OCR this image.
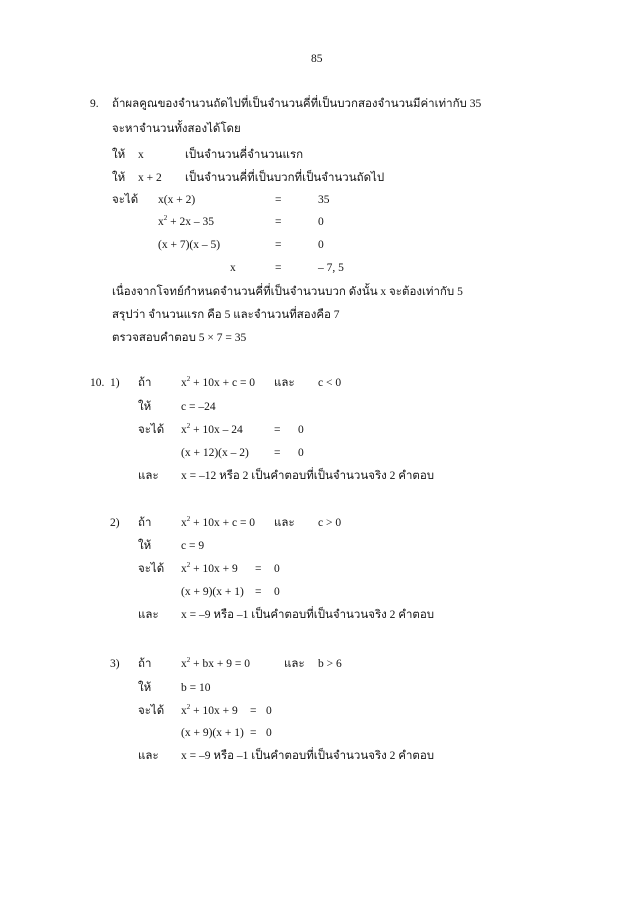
85
9. ถ้าผลคูณของจำนวนถัดไปที่เป็นจำนวนคี่ที่เป็นบวกสองจำนวนมีค่าเท่ากับ 35
จะหาจำนวนทั้งสองได้โดย
ให้ x	เป็นจำนวนคี่จำนวนแรก
ให้ x + 2 เป็นจำนวนคี่ที่เป็นบวกที่เป็นจำนวนถัดไป
จะได้ x(x + 2)	=	35
$x^2 + 2x - 35$	=	0
(x + 7)(x – 5)	=	0
x	=	– 7, 5
เนื่องจากโจทย์กำหนดจำนวนคี่ที่เป็นจำนวนบวก ดังนั้น x จะต้องเท่ากับ 5
สรุปว่า จำนวนแรก คือ 5 และจำนวนที่สองคือ 7
ตรวจสอบคำตอบ 5 × 7 = 35
10. 1) ถ้า	$x^2 + 10x + c = 0$ และ c < 0
ให้	c = –24
จะได้ $x^2 + 10x - 24$	= 0
(x + 12)(x – 2) = 0
และ x = –12 หรือ 2 เป็นคำตอบที่เป็นจำนวนจริง 2 คำตอบ
2) ถ้า	$x^2 + 10x + c = 0$ และ c > 0
ให้	c = 9
จะได้ $x^2 + 10x + 9 = 0$
(x + 9)(x + 1) = 0
และ x = –9 หรือ –1 เป็นคำตอบที่เป็นจำนวนจริง 2 คำตอบ
3) ถ้า	$x^2$ + bx + 9 = 0	และ b > 6
ให้	b = 10
จะได้ $x^2 + 10x + 9 = 0$
(x + 9)(x + 1) = 0
และ x = –9 หรือ –1 เป็นคำตอบที่เป็นจำนวนจริง 2 คำตอบ
